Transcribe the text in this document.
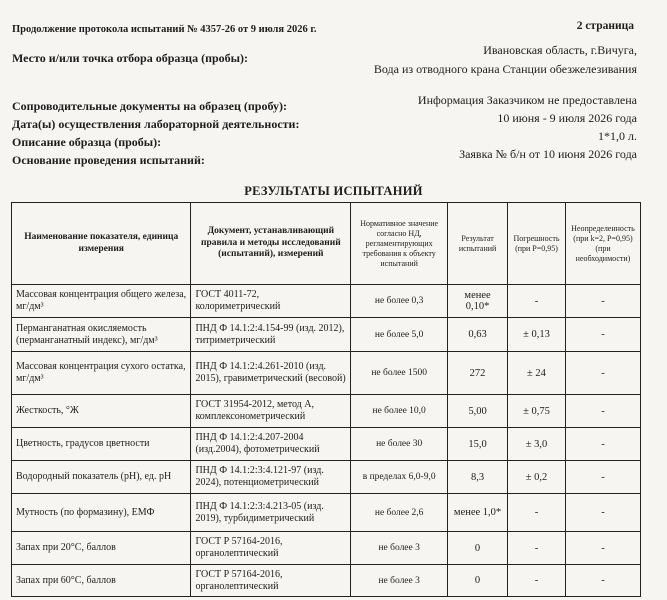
Продолжение протокола испытаний № 4357-26 от 9 июля 2026 г.	2 страница
Место и/или точка отбора образца (пробы):
Ивановская область, г.Вичуга,
Вода из отводного крана Станции обезжелезивания
Сопроводительные документы на образец (пробу):	Информация Заказчиком не предоставлена
Дата(ы) осуществления лабораторной деятельности:	10 июня - 9 июля 2026 года
Описание образца (пробы):	1*1,0 л.
Основание проведения испытаний:	Заявка № б/н от 10 июня 2026 года
РЕЗУЛЬТАТЫ ИСПЫТАНИЙ
Наименование показателя, единица измерения	Документ, устанавливающий правила и методы исследований (испытаний), измерений	Нормативное значение согласно НД, регламентирующих требования к объекту испытаний	Результат испытаний	Погрешность (при P=0,95)	Неопределенность (при k=2, P=0,95) (при необходимости)
Массовая концентрация общего железа, мг/дм³	ГОСТ 4011-72, колориметрический	не более 0,3	менее 0,10*	-	-
Перманганатная окисляемость (перманганатный индекс), мг/дм³	ПНД Ф 14.1:2:4.154-99 (изд. 2012), титриметрический	не более 5,0	0,63	± 0,13	-
Массовая концентрация сухого остатка, мг/дм³	ПНД Ф 14.1:2:4.261-2010 (изд. 2015), гравиметрический (весовой)	не более 1500	272	± 24	-
Жесткость, °Ж	ГОСТ 31954-2012, метод А, комплексонометрический	не более 10,0	5,00	± 0,75	-
Цветность, градусов цветности	ПНД Ф 14.1:2:4.207-2004 (изд.2004), фотометрический	не более 30	15,0	± 3,0	-
Водородный показатель (рН), ед. рН	ПНД Ф 14.1:2:3:4.121-97 (изд. 2024), потенциометрический	в пределах 6,0-9,0	8,3	± 0,2	-
Мутность (по формазину), ЕМФ	ПНД Ф 14.1:2:3:4.213-05 (изд. 2019), турбидиметрический	не более 2,6	менее 1,0*	-	-
Запах при 20°С, баллов	ГОСТ Р 57164-2016, органолептический	не более 3	0	-	-
Запах при 60°С, баллов	ГОСТ Р 57164-2016, органолептический	не более 3	0	-	-
